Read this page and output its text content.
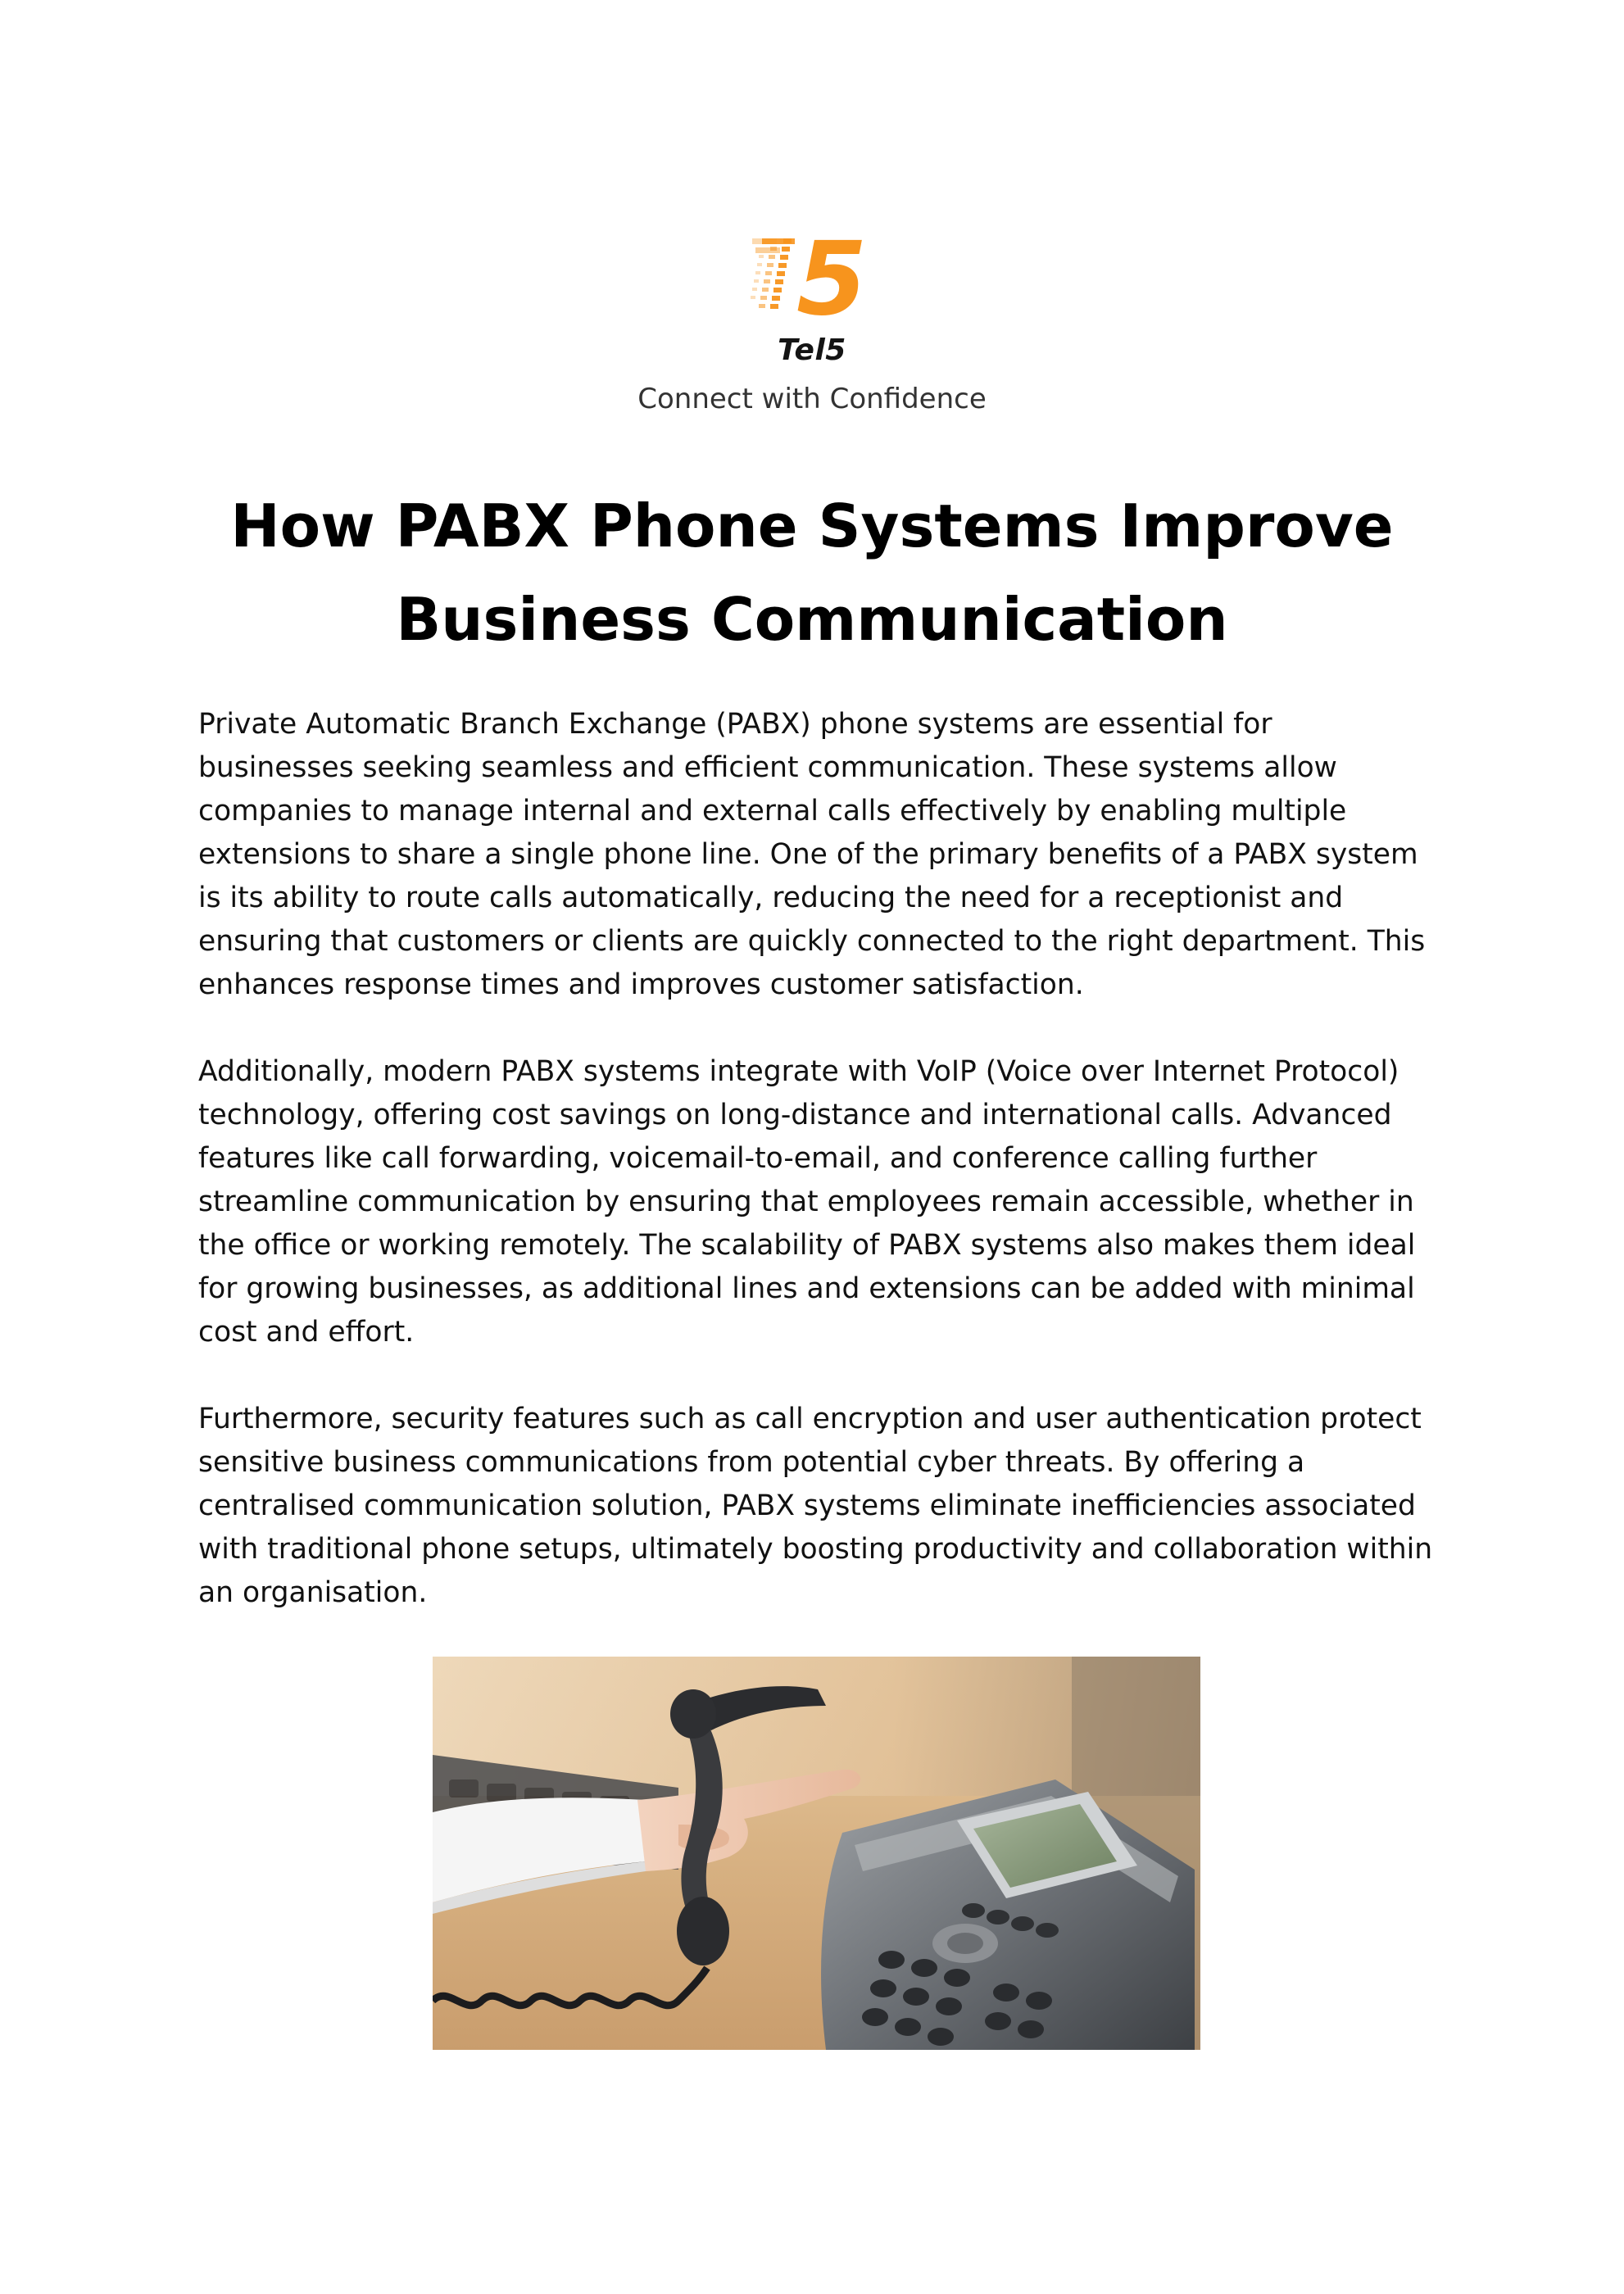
5
Tel5
Connect with Confidence
How PABX Phone Systems Improve Business Communication

Private Automatic Branch Exchange (PABX) phone systems are essential for businesses seeking seamless and efficient communication. These systems allow companies to manage internal and external calls effectively by enabling multiple extensions to share a single phone line. One of the primary benefits of a PABX system is its ability to route calls automatically, reducing the need for a receptionist and ensuring that customers or clients are quickly connected to the right department. This enhances response times and improves customer satisfaction.

Additionally, modern PABX systems integrate with VoIP (Voice over Internet Protocol) technology, offering cost savings on long-distance and international calls. Advanced features like call forwarding, voicemail-to-email, and conference calling further streamline communication by ensuring that employees remain accessible, whether in the office or working remotely. The scalability of PABX systems also makes them ideal for growing businesses, as additional lines and extensions can be added with minimal cost and effort.

Furthermore, security features such as call encryption and user authentication protect sensitive business communications from potential cyber threats. By offering a centralised communication solution, PABX systems eliminate inefficiencies associated with traditional phone setups, ultimately boosting productivity and collaboration within an organisation.
